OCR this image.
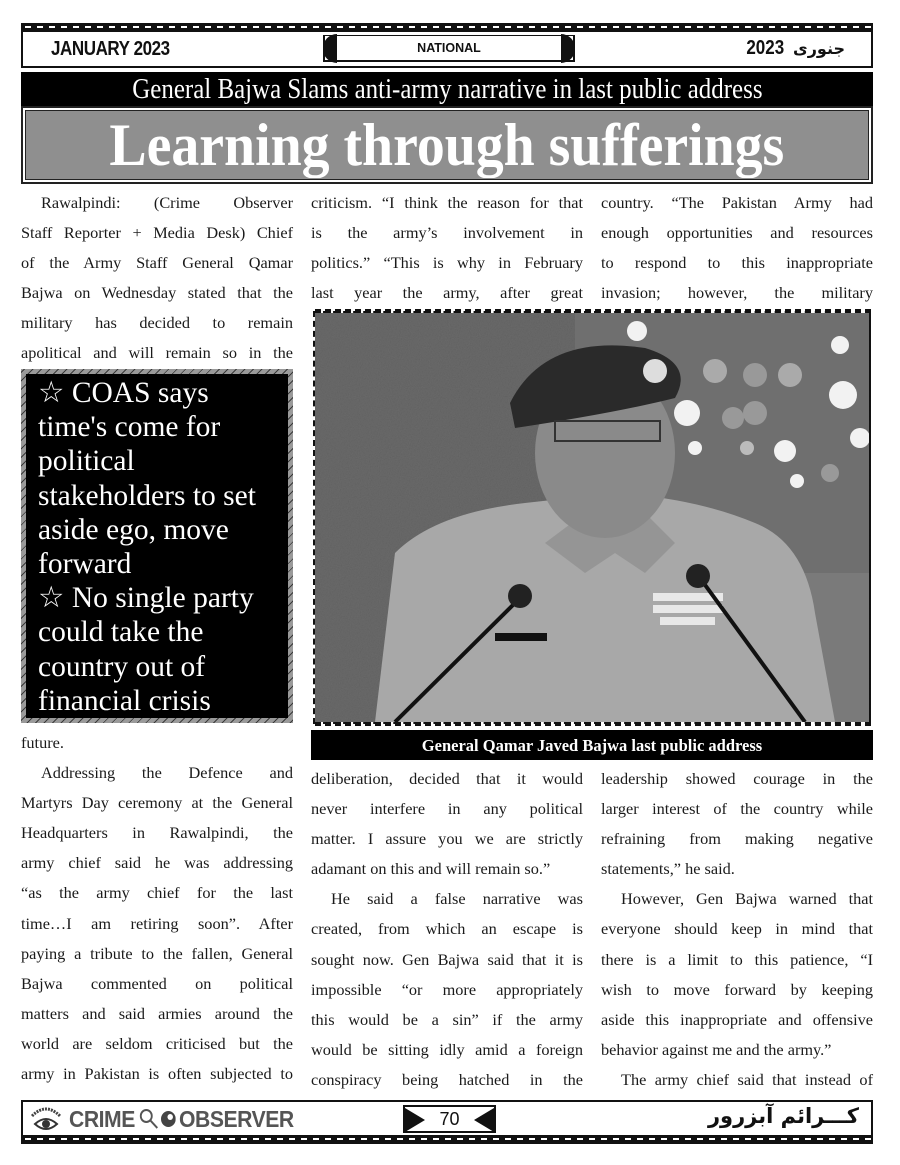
JANUARY 2023	NATIONAL	2023 جنوری
General Bajwa Slams anti-army narrative in last public address
Learning through sufferings
Rawalpindi: (Crime Observer
Staff Reporter + Media Desk) Chief
of the Army Staff General Qamar
Bajwa on Wednesday stated that the
military has decided to remain
apolitical and will remain so in the
criticism. “I think the reason for that
is the army’s involvement in
politics.” “This is why in February
last year the army, after great
country. “The Pakistan Army had
enough opportunities and resources
to respond to this inappropriate
invasion; however, the military
☆ COAS says time's come for political stakeholders to set aside ego, move forward
☆ No single party could take the country out of financial crisis
General Qamar Javed Bajwa last public address
future.
Addressing the Defence and
Martyrs Day ceremony at the General
Headquarters in Rawalpindi, the
army chief said he was addressing
“as the army chief for the last
time…I am retiring soon”. After
paying a tribute to the fallen, General
Bajwa commented on political
matters and said armies around the
world are seldom criticised but the
army in Pakistan is often subjected to
deliberation, decided that it would
never interfere in any political
matter. I assure you we are strictly
adamant on this and will remain so.”
He said a false narrative was
created, from which an escape is
sought now. Gen Bajwa said that it is
impossible “or more appropriately
this would be a sin” if the army
would be sitting idly amid a foreign
conspiracy being hatched in the
leadership showed courage in the
larger interest of the country while
refraining from making negative
statements,” he said.
However, Gen Bajwa warned that
everyone should keep in mind that
there is a limit to this patience, “I
wish to move forward by keeping
aside this inappropriate and offensive
behavior against me and the army.”
The army chief said that instead of
CRIME OBSERVER	70	کـــرائم آبزرور
